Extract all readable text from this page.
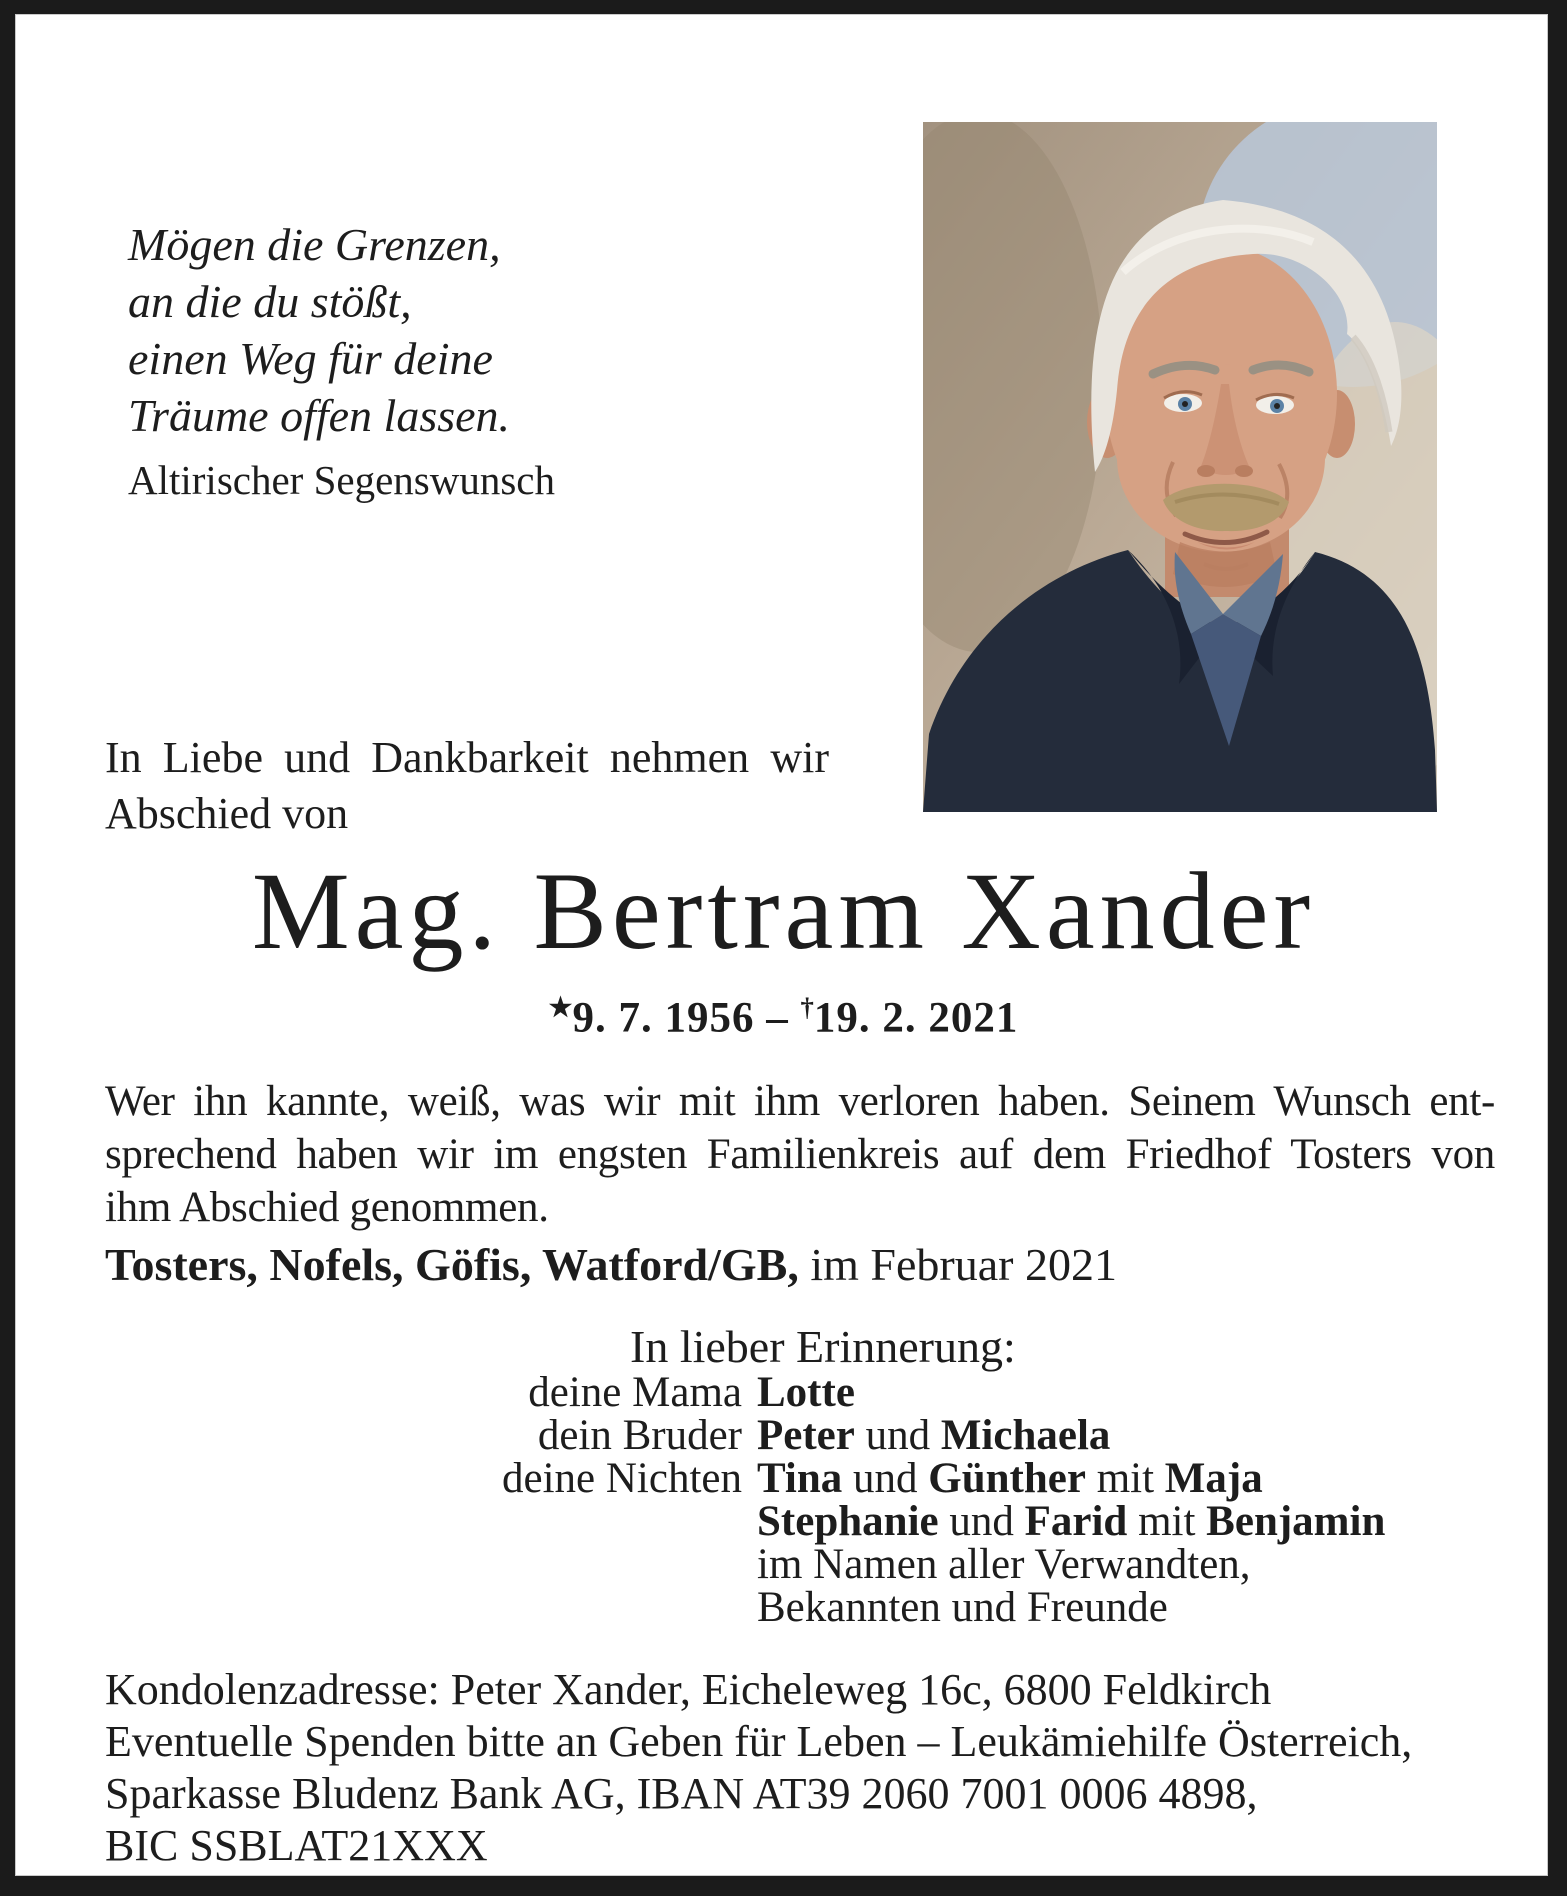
Mögen die Grenzen,
an die du stößt,
einen Weg für deine
Träume offen lassen.
Altirischer Segenswunsch
In Liebe und Dankbarkeit nehmen wir
Abschied von
Mag. Bertram Xander
★9. 7. 1956 – †19. 2. 2021
Wer ihn kannte, weiß, was wir mit ihm verloren haben. Seinem Wunsch ent-
sprechend haben wir im engsten Familienkreis auf dem Friedhof Tosters von
ihm Abschied genommen.
Tosters, Nofels, Göfis, Watford/GB, im Februar 2021
In lieber Erinnerung:
deine Mama Lotte
dein Bruder Peter und Michaela
deine Nichten Tina und Günther mit Maja
Stephanie und Farid mit Benjamin
im Namen aller Verwandten,
Bekannten und Freunde
Kondolenzadresse: Peter Xander, Eicheleweg 16c, 6800 Feldkirch
Eventuelle Spenden bitte an Geben für Leben – Leukämiehilfe Österreich,
Sparkasse Bludenz Bank AG, IBAN AT39 2060 7001 0006 4898,
BIC SSBLAT21XXX
